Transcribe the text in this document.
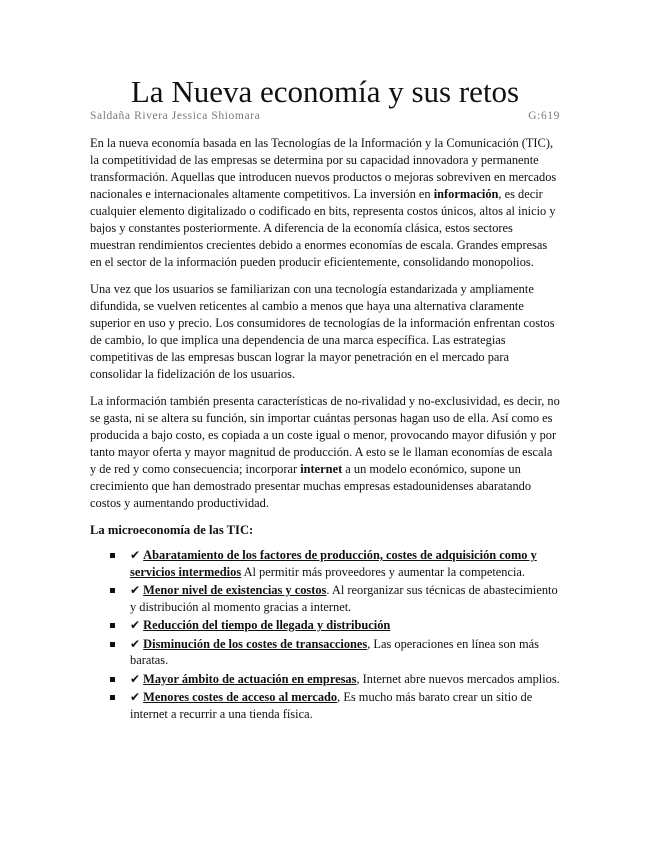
La Nueva economía y sus retos
Saldaña Rivera Jessica Shiomara	G:619

En la nueva economía basada en las Tecnologías de la Información y la Comunicación (TIC), la competitividad de las empresas se determina por su capacidad innovadora y permanente transformación. Aquellas que introducen nuevos productos o mejoras sobreviven en mercados nacionales e internacionales altamente competitivos. La inversión en información, es decir cualquier elemento digitalizado o codificado en bits, representa costos únicos, altos al inicio y bajos y constantes posteriormente. A diferencia de la economía clásica, estos sectores muestran rendimientos crecientes debido a enormes economías de escala. Grandes empresas en el sector de la información pueden producir eficientemente, consolidando monopolios.

Una vez que los usuarios se familiarizan con una tecnología estandarizada y ampliamente difundida, se vuelven reticentes al cambio a menos que haya una alternativa claramente superior en uso y precio. Los consumidores de tecnologías de la información enfrentan costos de cambio, lo que implica una dependencia de una marca específica. Las estrategias competitivas de las empresas buscan lograr la mayor penetración en el mercado para consolidar la fidelización de los usuarios.

La información también presenta características de no-rivalidad y no-exclusividad, es decir, no se gasta, ni se altera su función, sin importar cuántas personas hagan uso de ella. Así como es producida a bajo costo, es copiada a un coste igual o menor, provocando mayor difusión y por tanto mayor oferta y mayor magnitud de producción. A esto se le llaman economías de escala y de red y como consecuencia; incorporar internet a un modelo económico, supone un crecimiento que han demostrado presentar muchas empresas estadounidenses abaratando costos y aumentando productividad.

La microeconomía de las TIC:

✔ Abaratamiento de los factores de producción, costes de adquisición como y servicios intermedios Al permitir más proveedores y aumentar la competencia.
✔ Menor nivel de existencias y costos. Al reorganizar sus técnicas de abastecimiento y distribución al momento gracias a internet.
✔ Reducción del tiempo de llegada y distribución
✔ Disminución de los costes de transacciones, Las operaciones en línea son más baratas.
✔ Mayor ámbito de actuación en empresas, Internet abre nuevos mercados amplios.
✔ Menores costes de acceso al mercado, Es mucho más barato crear un sitio de internet a recurrir a una tienda física.
